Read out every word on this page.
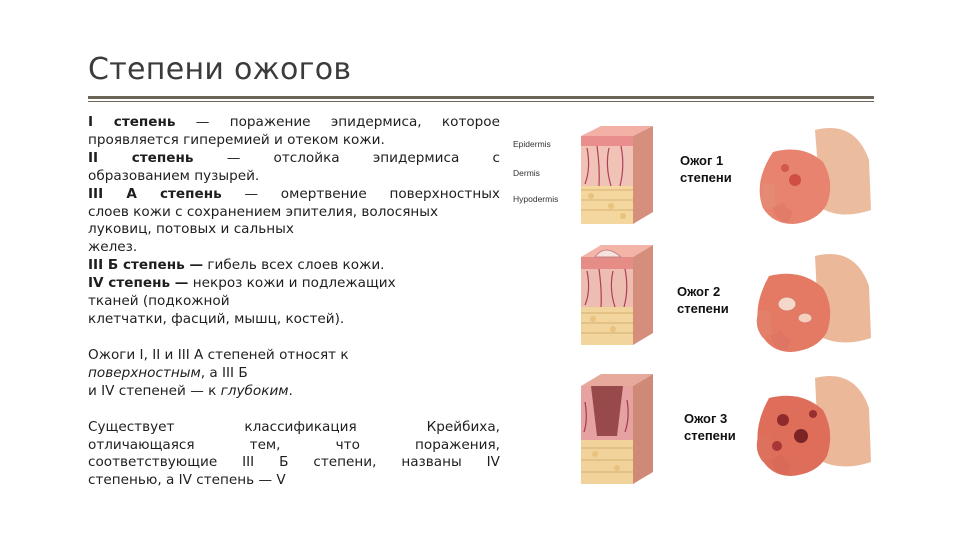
Степени ожогов

I степень — поражение эпидермиса, которое

проявляется гиперемией и отеком кожи.

II степень — отслойка эпидермиса с

образованием пузырей.

III А степень — омертвение поверхностных

слоев кожи с сохранением эпителия, волосяных

луковиц, потовых и сальных

желез.

III Б степень — гибель всех слоев кожи.

IV степень — некроз кожи и подлежащих

тканей (подкожной

клетчатки, фасций, мышц, костей).

Ожоги I, II и III А степеней относят к

поверхностным, а III Б

и IV степеней — к глубоким.

Существует классификация Крейбиха,

отличающаяся тем, что поражения,

соответствующие III Б степени, названы IV

степенью, а IV степень — V

Epidermis
Dermis
Hypodermis
Ожог 1
степени
Ожог 2
степени
Ожог 3
степени
